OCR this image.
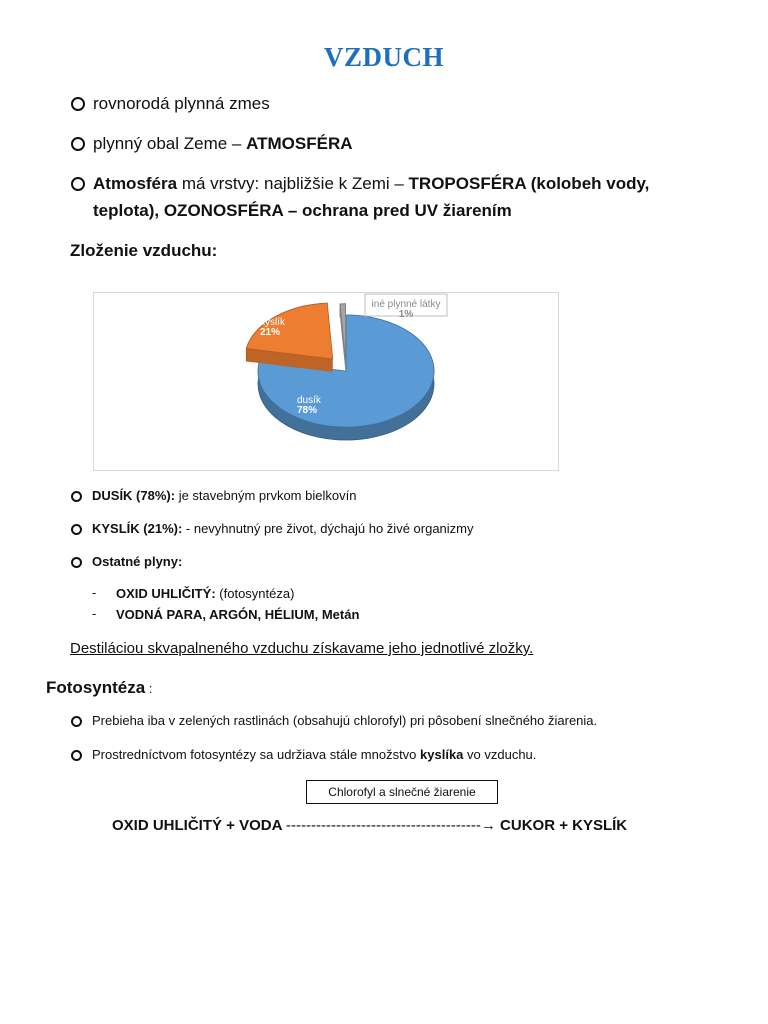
VZDUCH
rovnorodá plynná zmes
plynný obal Zeme – ATMOSFÉRA
Atmosféra má vrstvy: najbližšie k Zemi – TROPOSFÉRA (kolobeh vody,
teplota), OZONOSFÉRA – ochrana pred UV žiarením
Zloženie vzduchu:
dusík
78%
kyslík
21%
iné plynné látky
1%
DUSÍK (78%): je stavebným prvkom bielkovín
KYSLÍK (21%): - nevyhnutný pre život, dýchajú ho živé organizmy
Ostatné plyny:
- OXID UHLIČITÝ: (fotosyntéza)
- VODNÁ PARA, ARGÓN, HÉLIUM, Metán
Destiláciou skvapalneného vzduchu získavame jeho jednotlivé zložky.
Fotosyntéza :
Prebieha iba v zelených rastlinách (obsahujú chlorofyl) pri pôsobení slnečného žiarenia.
Prostredníctvom fotosyntézy sa udržiava stále množstvo kyslíka vo vzduchu.
Chlorofyl a slnečné žiarenie
OXID UHLIČITÝ + VODA ---------------------------------------→ CUKOR + KYSLÍK
